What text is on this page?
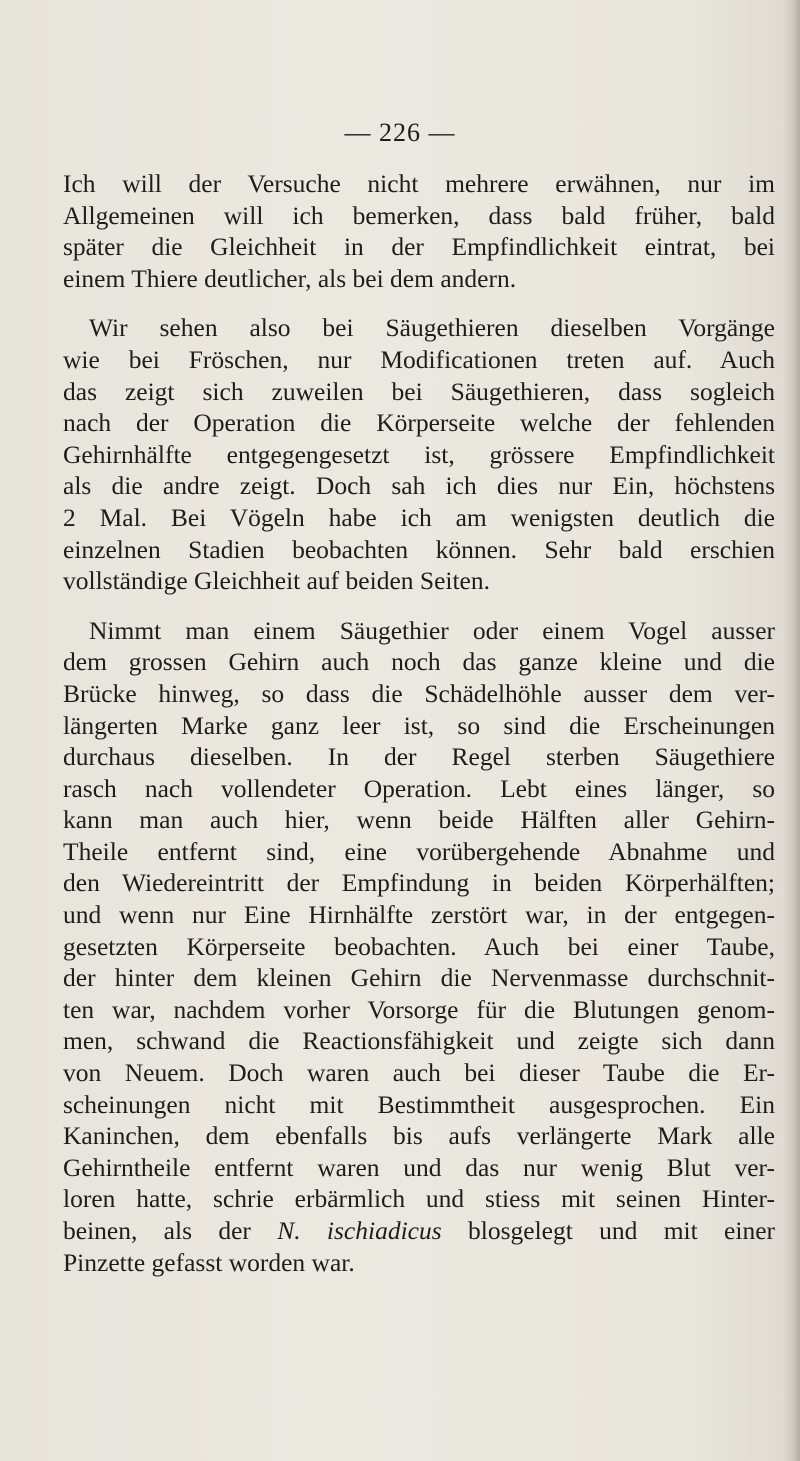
— 226 —
Ich will der Versuche nicht mehrere erwähnen, nur im
Allgemeinen will ich bemerken, dass bald früher, bald
später die Gleichheit in der Empfindlichkeit eintrat, bei
einem Thiere deutlicher, als bei dem andern.
Wir sehen also bei Säugethieren dieselben Vorgänge
wie bei Fröschen, nur Modificationen treten auf. Auch
das zeigt sich zuweilen bei Säugethieren, dass sogleich
nach der Operation die Körperseite welche der fehlenden
Gehirnhälfte entgegengesetzt ist, grössere Empfindlichkeit
als die andre zeigt. Doch sah ich dies nur Ein, höchstens
2 Mal. Bei Vögeln habe ich am wenigsten deutlich die
einzelnen Stadien beobachten können. Sehr bald erschien
vollständige Gleichheit auf beiden Seiten.
Nimmt man einem Säugethier oder einem Vogel ausser
dem grossen Gehirn auch noch das ganze kleine und die
Brücke hinweg, so dass die Schädelhöhle ausser dem ver-
längerten Marke ganz leer ist, so sind die Erscheinungen
durchaus dieselben. In der Regel sterben Säugethiere
rasch nach vollendeter Operation. Lebt eines länger, so
kann man auch hier, wenn beide Hälften aller Gehirn-
Theile entfernt sind, eine vorübergehende Abnahme und
den Wiedereintritt der Empfindung in beiden Körperhälften;
und wenn nur Eine Hirnhälfte zerstört war, in der entgegen-
gesetzten Körperseite beobachten. Auch bei einer Taube,
der hinter dem kleinen Gehirn die Nervenmasse durchschnit-
ten war, nachdem vorher Vorsorge für die Blutungen genom-
men, schwand die Reactionsfähigkeit und zeigte sich dann
von Neuem. Doch waren auch bei dieser Taube die Er-
scheinungen nicht mit Bestimmtheit ausgesprochen. Ein
Kaninchen, dem ebenfalls bis aufs verlängerte Mark alle
Gehirntheile entfernt waren und das nur wenig Blut ver-
loren hatte, schrie erbärmlich und stiess mit seinen Hinter-
beinen, als der N. ischiadicus blosgelegt und mit einer
Pinzette gefasst worden war.
